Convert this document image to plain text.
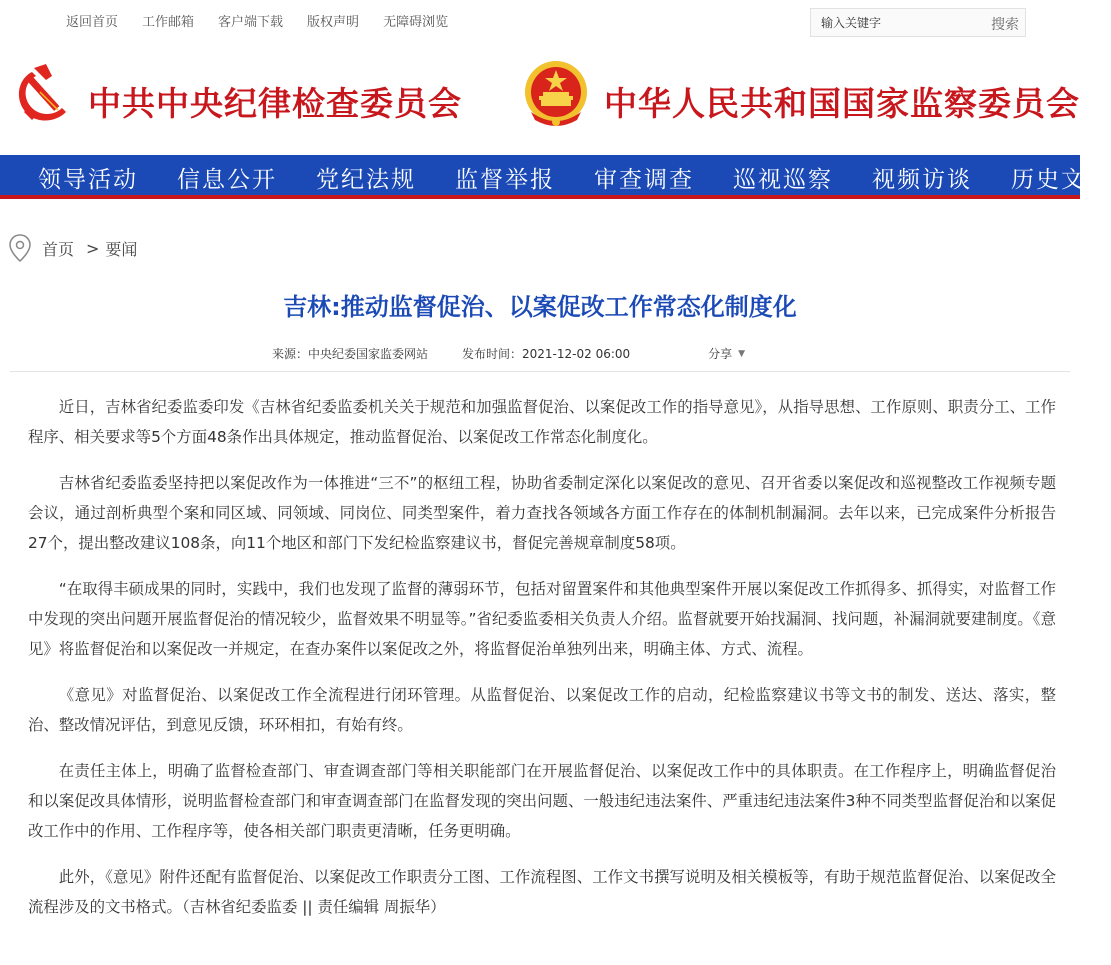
返回首页 工作邮箱 客户端下载 版权声明 无障碍浏览
输入关键字	搜索
中共中央纪律检查委员会	中华人民共和国国家监察委员会
领导活动 信息公开 党纪法规 监督举报 审查调查 巡视巡察 视频访谈 历史文化
首页 > 要闻
吉林:推动监督促治、以案促改工作常态化制度化
来源：中央纪委国家监委网站	发布时间：2021-12-02 06:00	分享 ▼

近日，吉林省纪委监委印发《吉林省纪委监委机关关于规范和加强监督促治、以案促改工作的指导意见》，从指导思想、工作原则、职责分工、工作程序、相关要求等5个方面48条作出具体规定，推动监督促治、以案促改工作常态化制度化。

吉林省纪委监委坚持把以案促改作为一体推进“三不”的枢纽工程，协助省委制定深化以案促改的意见、召开省委以案促改和巡视整改工作视频专题会议，通过剖析典型个案和同区域、同领域、同岗位、同类型案件，着力查找各领域各方面工作存在的体制机制漏洞。去年以来，已完成案件分析报告27个，提出整改建议108条，向11个地区和部门下发纪检监察建议书，督促完善规章制度58项。

“在取得丰硕成果的同时，实践中，我们也发现了监督的薄弱环节，包括对留置案件和其他典型案件开展以案促改工作抓得多、抓得实，对监督工作中发现的突出问题开展监督促治的情况较少，监督效果不明显等。”省纪委监委相关负责人介绍。监督就要开始找漏洞、找问题，补漏洞就要建制度。《意见》将监督促治和以案促改一并规定，在查办案件以案促改之外，将监督促治单独列出来，明确主体、方式、流程。

《意见》对监督促治、以案促改工作全流程进行闭环管理。从监督促治、以案促改工作的启动，纪检监察建议书等文书的制发、送达、落实，整治、整改情况评估，到意见反馈，环环相扣，有始有终。

在责任主体上，明确了监督检查部门、审查调查部门等相关职能部门在开展监督促治、以案促改工作中的具体职责。在工作程序上，明确监督促治和以案促改具体情形，说明监督检查部门和审查调查部门在监督发现的突出问题、一般违纪违法案件、严重违纪违法案件3种不同类型监督促治和以案促改工作中的作用、工作程序等，使各相关部门职责更清晰，任务更明确。

此外，《意见》附件还配有监督促治、以案促改工作职责分工图、工作流程图、工作文书撰写说明及相关模板等，有助于规范监督促治、以案促改全流程涉及的文书格式。（吉林省纪委监委 || 责任编辑 周振华）
